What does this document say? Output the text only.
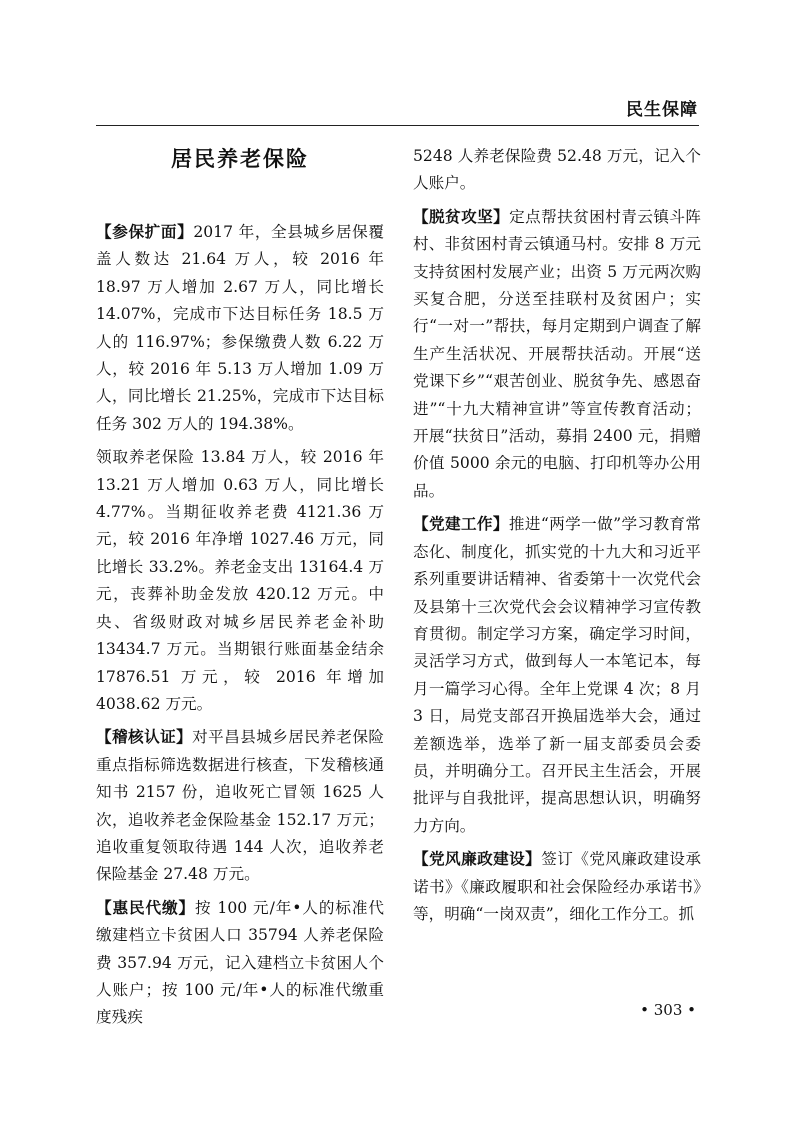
民生保障
居民养老保险

【参保扩面】2017 年，全县城乡居保覆盖人数达 21.64 万人，较 2016 年 18.97 万人增加 2.67 万人，同比增长 14.07%，完成市下达目标任务 18.5 万人的 116.97%；参保缴费人数 6.22 万人，较 2016 年 5.13 万人增加 1.09 万人，同比增长 21.25%，完成市下达目标任务 302 万人的 194.38%。

领取养老保险 13.84 万人，较 2016 年 13.21 万人增加 0.63 万人，同比增长 4.77%。当期征收养老费 4121.36 万元，较 2016 年净增 1027.46 万元，同比增长 33.2%。养老金支出 13164.4 万元，丧葬补助金发放 420.12 万元。中央、省级财政对城乡居民养老金补助 13434.7 万元。当期银行账面基金结余 17876.51 万元，较 2016 年增加 4038.62 万元。

【稽核认证】对平昌县城乡居民养老保险重点指标筛选数据进行核查，下发稽核通知书 2157 份，追收死亡冒领 1625 人次，追收养老金保险基金 152.17 万元；追收重复领取待遇 144 人次，追收养老保险基金 27.48 万元。

【惠民代缴】按 100 元/年•人的标准代缴建档立卡贫困人口 35794 人养老保险费 357.94 万元，记入建档立卡贫困人个人账户；按 100 元/年•人的标准代缴重度残疾

5248 人养老保险费 52.48 万元，记入个人账户。

【脱贫攻坚】定点帮扶贫困村青云镇斗阵村、非贫困村青云镇通马村。安排 8 万元支持贫困村发展产业；出资 5 万元两次购买复合肥，分送至挂联村及贫困户；实行“一对一”帮扶，每月定期到户调查了解生产生活状况、开展帮扶活动。开展“送党课下乡”“艰苦创业、脱贫争先、感恩奋进”“十九大精神宣讲”等宣传教育活动；开展“扶贫日”活动，募捐 2400 元，捐赠价值 5000 余元的电脑、打印机等办公用品。

【党建工作】推进“两学一做”学习教育常态化、制度化，抓实党的十九大和习近平系列重要讲话精神、省委第十一次党代会及县第十三次党代会会议精神学习宣传教育贯彻。制定学习方案，确定学习时间，灵活学习方式，做到每人一本笔记本，每月一篇学习心得。全年上党课 4 次；8 月 3 日，局党支部召开换届选举大会，通过差额选举，选举了新一届支部委员会委员，并明确分工。召开民主生活会，开展批评与自我批评，提高思想认识，明确努力方向。

【党风廉政建设】签订《党风廉政建设承诺书》《廉政履职和社会保险经办承诺书》等，明确“一岗双责”，细化工作分工。抓

• 303 •
